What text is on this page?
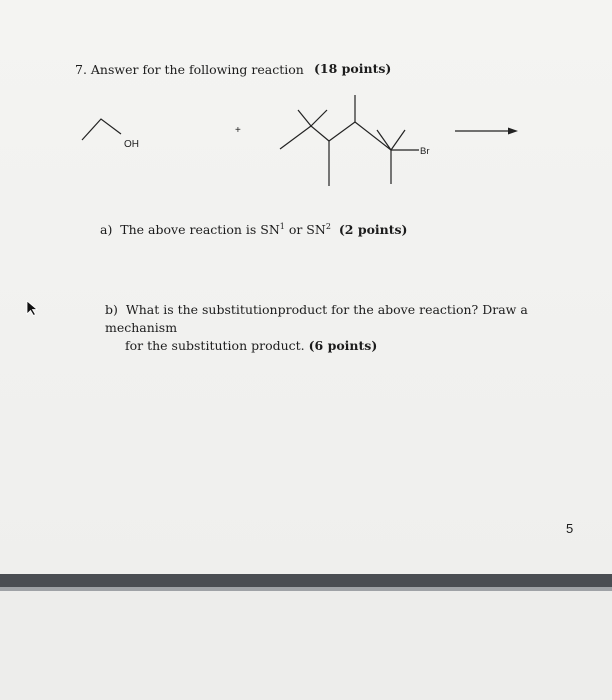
7. Answer for the following reaction (18 points)
OH
+
Br
a) The above reaction is $SN^1$ or $SN^2$ (2 points)
b) What is the substitutionproduct for the above reaction? Draw a mechanism
for the substitution product. (6 points)
5
